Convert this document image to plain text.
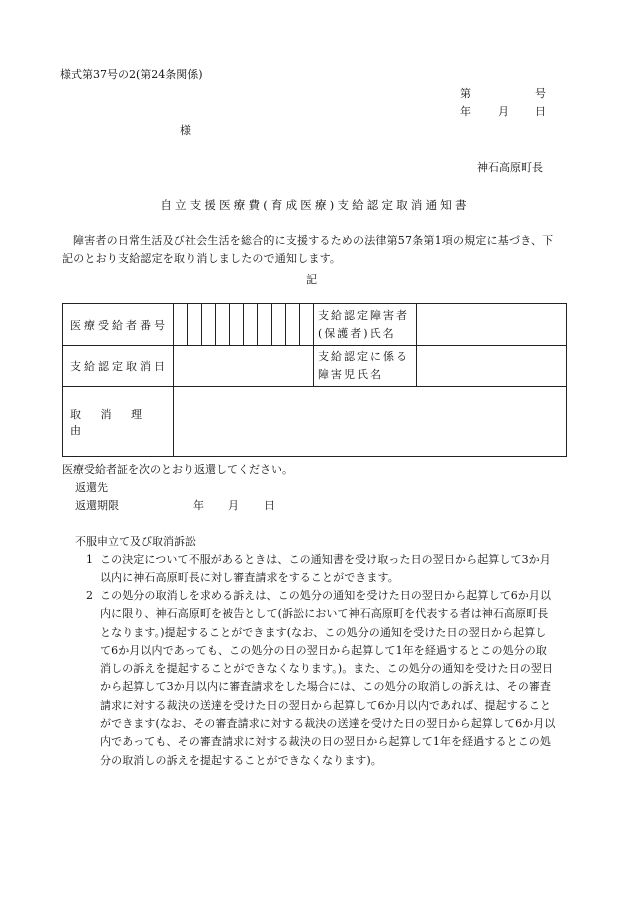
様式第37号の2(第24条関係)
第	号
年 月 日
様
神石高原町長
自立支援医療費(育成医療)支給認定取消通知書
障害者の日常生活及び社会生活を総合的に支援するための法律第57条第1項の規定に基づき、下記のとおり支給認定を取り消しましたので通知します。
記
医療受給者番号											支給認定障害者
(保護者)氏名	

支給認定取消日											支給認定に係る
障害児氏名	

取 消 理 由												
医療受給者証を次のとおり返還してください。
返還先
返還期限	年 月 日
不服申立て及び取消訴訟
1 この決定について不服があるときは、この通知書を受け取った日の翌日から起算して3か月以内に神石高原町長に対し審査請求をすることができます。
2 この処分の取消しを求める訴えは、この処分の通知を受けた日の翌日から起算して6か月以内に限り、神石高原町を被告として(訴訟において神石高原町を代表する者は神石高原町長となります。)提起することができます(なお、この処分の通知を受けた日の翌日から起算して6か月以内であっても、この処分の日の翌日から起算して1年を経過するとこの処分の取消しの訴えを提起することができなくなります。)。また、この処分の通知を受けた日の翌日から起算して3か月以内に審査請求をした場合には、この処分の取消しの訴えは、その審査請求に対する裁決の送達を受けた日の翌日から起算して6か月以内であれば、提起することができます(なお、その審査請求に対する裁決の送達を受けた日の翌日から起算して6か月以内であっても、その審査請求に対する裁決の日の翌日から起算して1年を経過するとこの処分の取消しの訴えを提起することができなくなります)。
